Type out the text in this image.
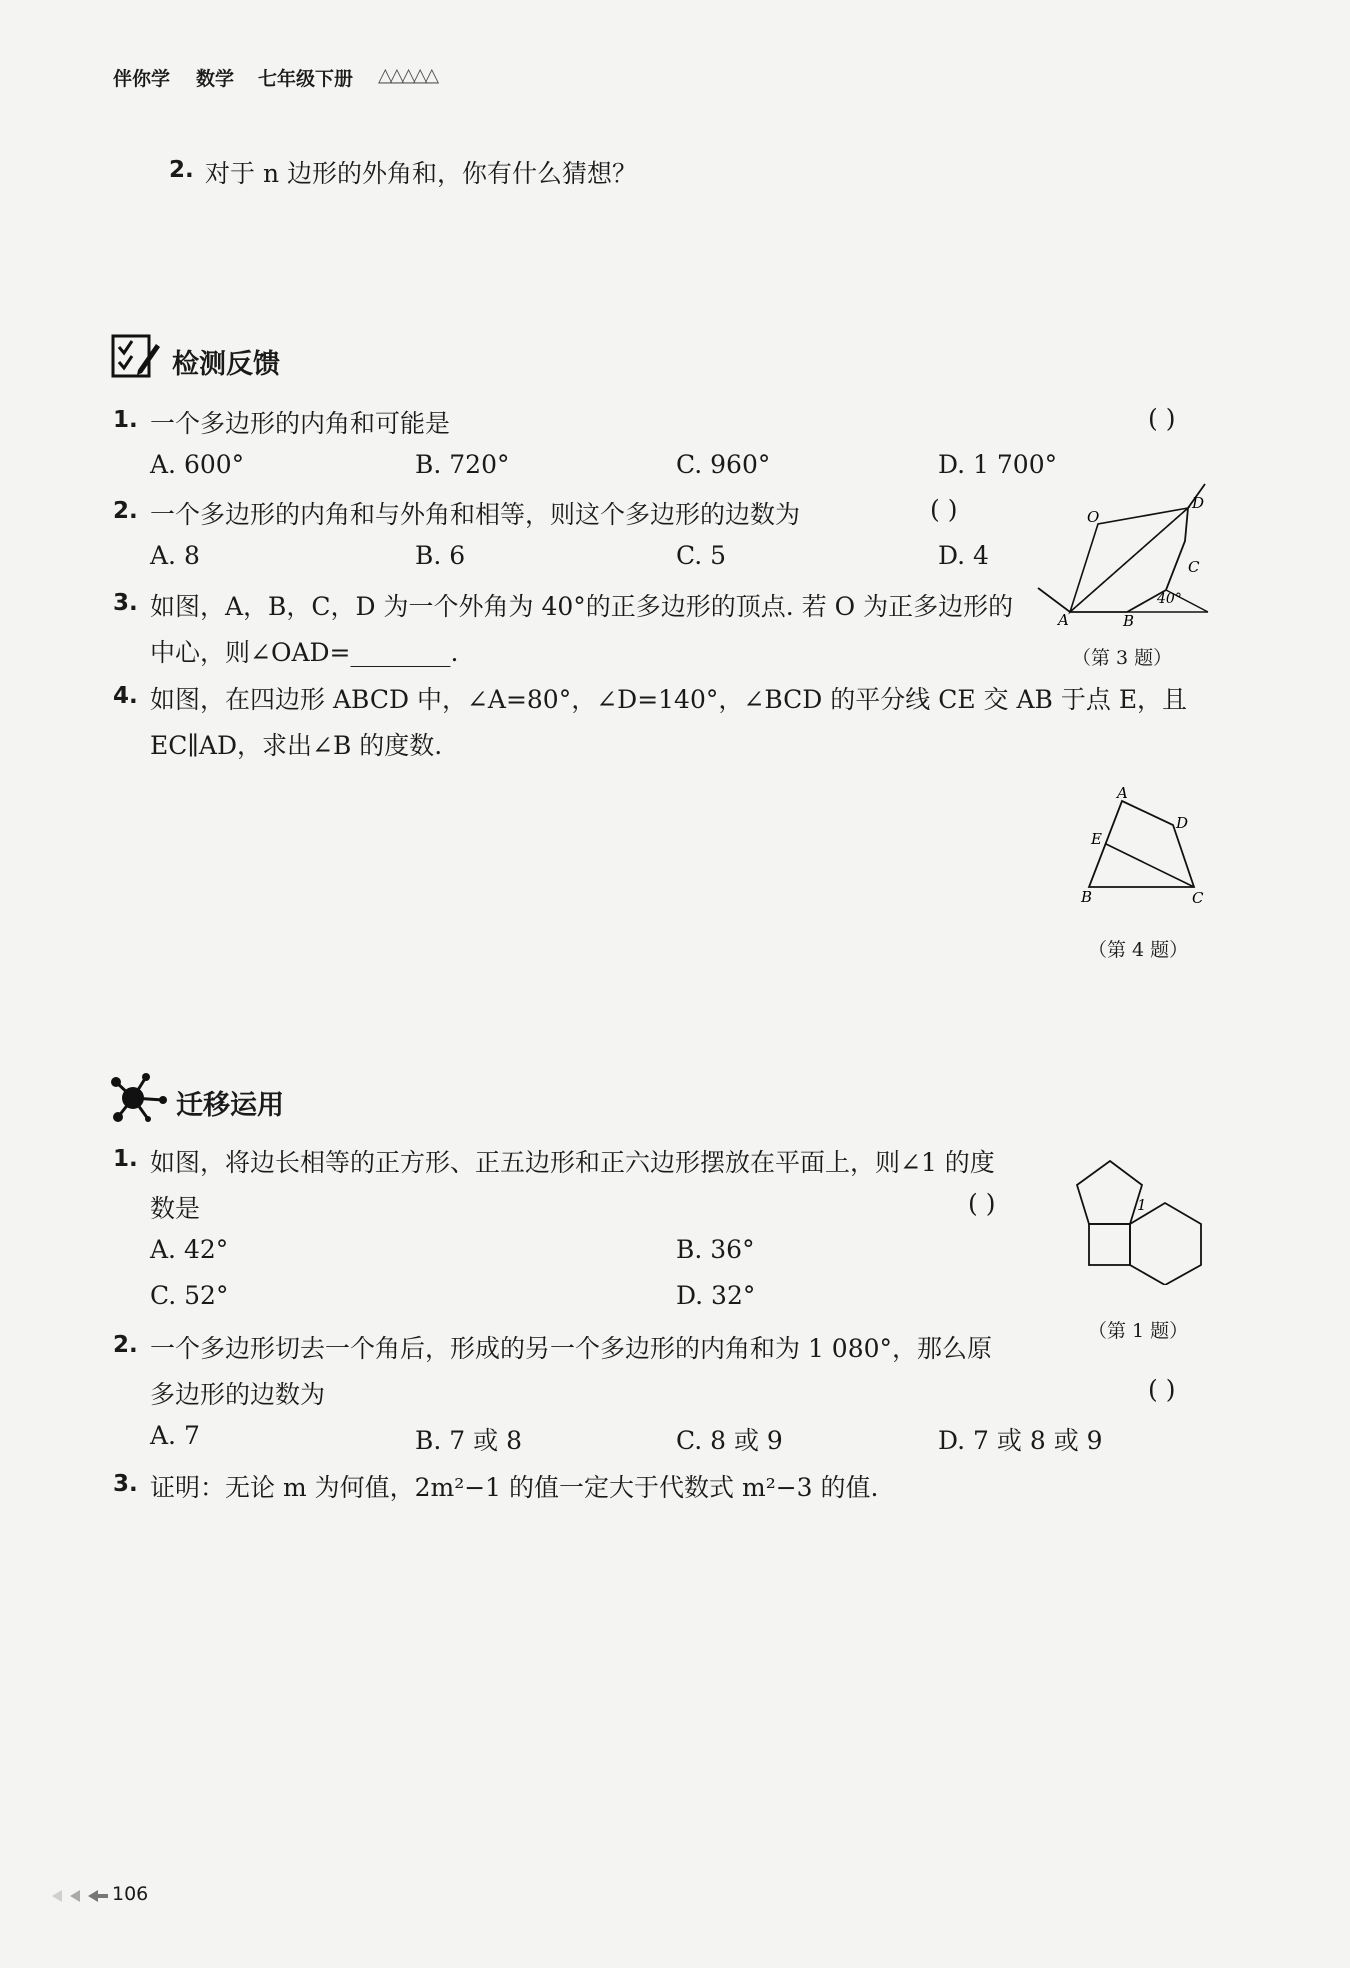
伴你学 数学 七年级下册 △△△△△
2. 对于 n 边形的外角和，你有什么猜想？
检测反馈
1. 一个多边形的内角和可能是	( )
A. 600°	B. 720°	C. 960°	D. 1 700°
2. 一个多边形的内角和与外角和相等，则这个多边形的边数为	( )
A. 8	B. 6	C. 5	D. 4
3. 如图，A，B，C，D 为一个外角为 40°的正多边形的顶点. 若 O 为正多边形的
中心，则∠OAD=________.
O
D
C
A	B
40°
（第 3 题）
4. 如图，在四边形 ABCD 中，∠A=80°，∠D=140°，∠BCD 的平分线 CE 交 AB 于点 E，且
EC∥AD，求出∠B 的度数.
A
D
E
B	C
（第 4 题）
迁移运用
1. 如图，将边长相等的正方形、正五边形和正六边形摆放在平面上，则∠1 的度
数是	( )
A. 42°	B. 36°
C. 52°	D. 32°
1
（第 1 题）
2. 一个多边形切去一个角后，形成的另一个多边形的内角和为 1 080°，那么原
多边形的边数为	( )
A. 7	B. 7 或 8	C. 8 或 9	D. 7 或 8 或 9
3. 证明：无论 m 为何值，2m²−1 的值一定大于代数式 m²−3 的值.
106
